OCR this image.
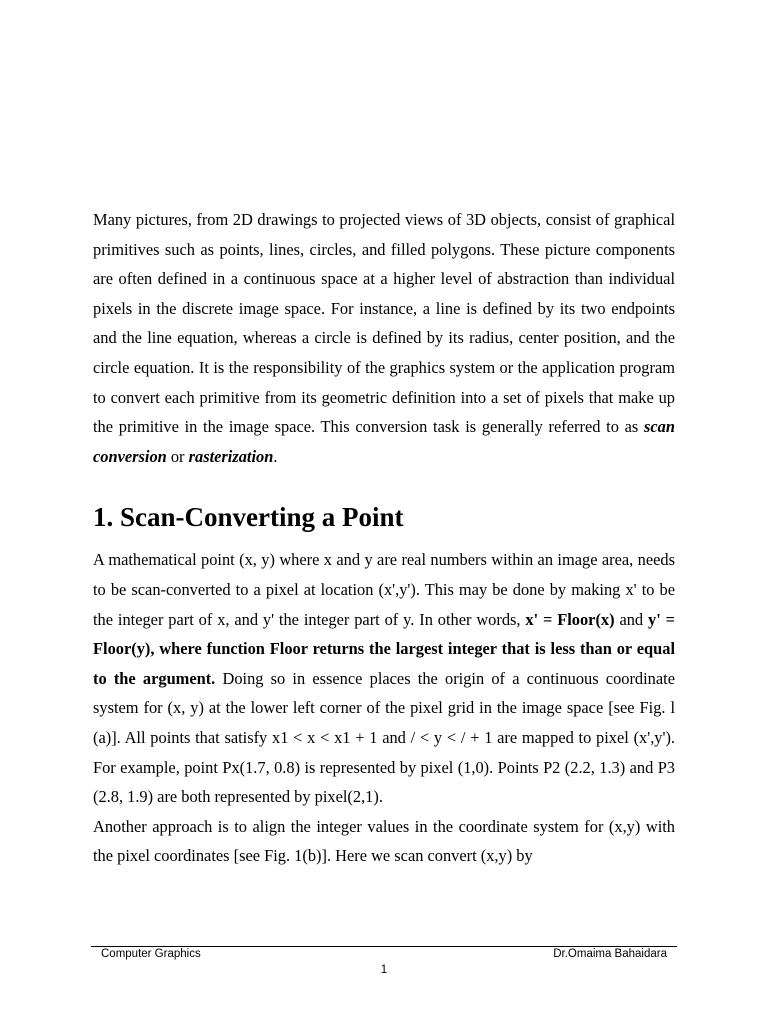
Many pictures, from 2D drawings to projected views of 3D objects, consist of graphical primitives such as points, lines, circles, and filled polygons. These picture components are often defined in a continuous space at a higher level of abstraction than individual pixels in the discrete image space. For instance, a line is defined by its two endpoints and the line equation, whereas a circle is defined by its radius, center position, and the circle equation. It is the responsibility of the graphics system or the application program to convert each primitive from its geometric definition into a set of pixels that make up the primitive in the image space. This conversion task is generally referred to as scan conversion or rasterization.

1. Scan-Converting a Point

A mathematical point (x, y) where x and y are real numbers within an image area, needs to be scan-converted to a pixel at location (x',y'). This may be done by making x' to be the integer part of x, and y' the integer part of y. In other words, x' = Floor(x) and y' = Floor(y), where function Floor returns the largest integer that is less than or equal to the argument. Doing so in essence places the origin of a continuous coordinate system for (x, y) at the lower left corner of the pixel grid in the image space [see Fig. l (a)]. All points that satisfy x1 < x < x1 + 1 and / < y < / + 1 are mapped to pixel (x',y'). For example, point Px(1.7, 0.8) is represented by pixel (1,0). Points P2 (2.2, 1.3) and P3 (2.8, 1.9) are both represented by pixel(2,1).

Another approach is to align the integer values in the coordinate system for (x,y) with the pixel coordinates [see Fig. 1(b)]. Here we scan convert (x,y) by

Computer Graphics	Dr.Omaima Bahaidara
1
